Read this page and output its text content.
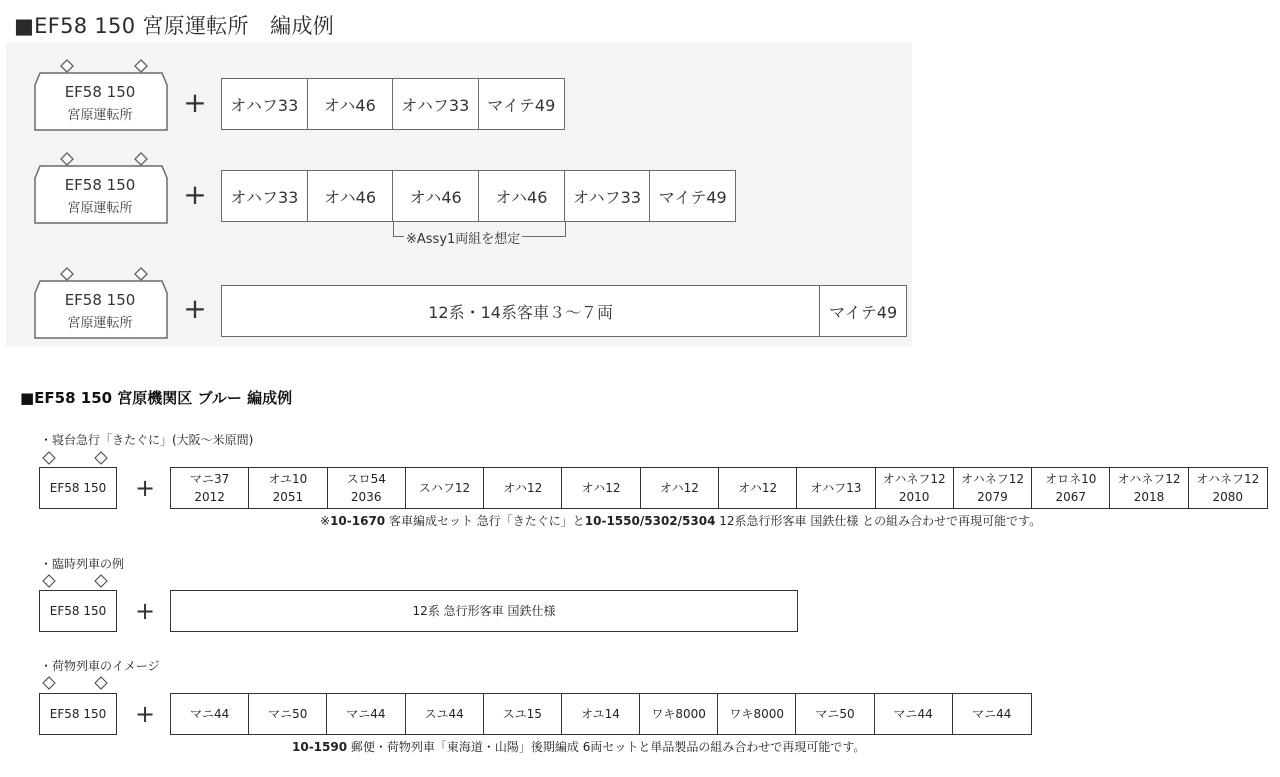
■EF58 150 宮原運転所　編成例
EF58 150
宮原運転所	+	オハフ33	オハ46	オハフ33	マイテ49
EF58 150
宮原運転所	+	オハフ33	オハ46	オハ46	オハ46	オハフ33	マイテ49
※Assy1両組を想定
EF58 150
宮原運転所	+	12系・14系客車３～７両	マイテ49
■EF58 150 宮原機関区 ブルー 編成例
・寝台急行「きたぐに」(大阪～米原間)
EF58 150	+	マニ37
2012
オユ10
2051
スロ54
2036
スハフ12	オハ12	オハ12	オハ12	オハ12	オハフ13
オハネフ12
2010
オハネフ12
2079
オロネ10
2067
オハネフ12
2018
オハネフ12
2080
※10-1670 客車編成セット 急行「きたぐに」と10-1550/5302/5304 12系急行形客車 国鉄仕様 との組み合わせで再現可能です。
・臨時列車の例
EF58 150	+	12系 急行形客車 国鉄仕様
・荷物列車のイメージ
EF58 150	+	マニ44	マニ50	マニ44	スユ44	スユ15	オユ14	ワキ8000 ワキ8000	マニ50	マニ44	マニ44
10-1590 郵便・荷物列車「東海道・山陽」後期編成 6両セットと単品製品の組み合わせで再現可能です。
